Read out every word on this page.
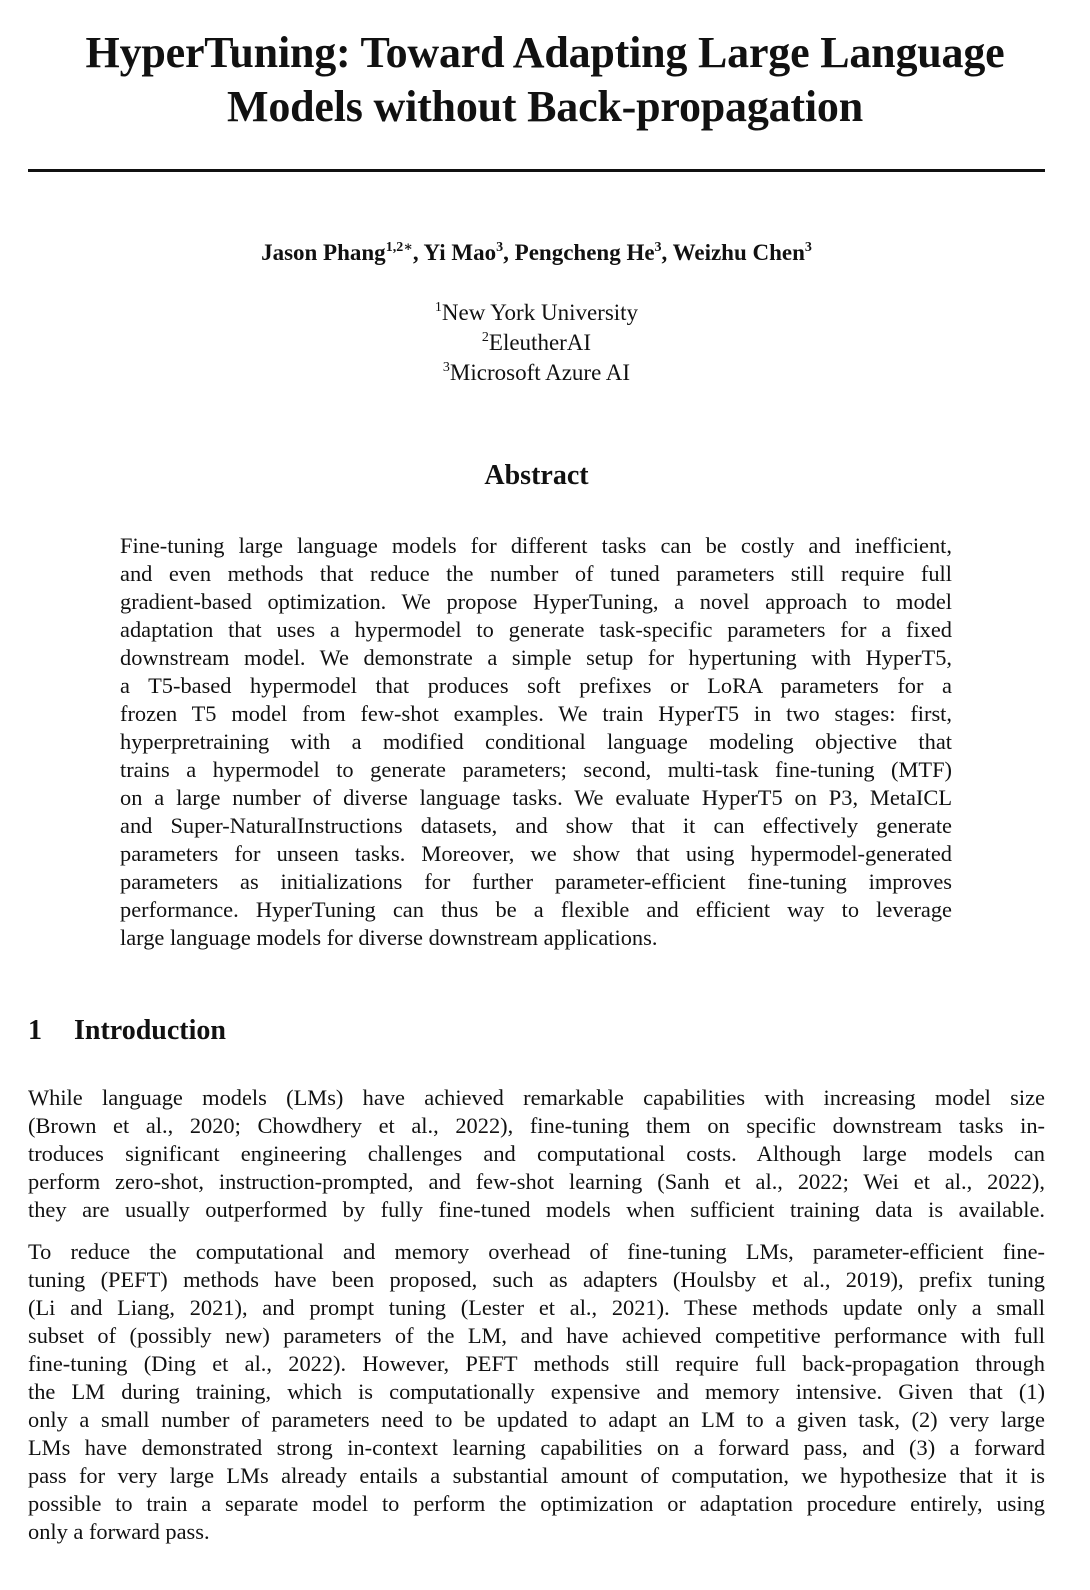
HyperTuning: Toward Adapting Large Language
Models without Back-propagation
Jason Phang$^{1,2∗}$, Yi Mao$^3$, Pengcheng He$^3$, Weizhu Chen$^3$
$^1$New York University
$^2$EleutherAI
$^3$Microsoft Azure AI
Abstract
Fine-tuning large language models for different tasks can be costly and inefficient,
and even methods that reduce the number of tuned parameters still require full
gradient-based optimization. We propose HyperTuning, a novel approach to model
adaptation that uses a hypermodel to generate task-specific parameters for a fixed
downstream model. We demonstrate a simple setup for hypertuning with HyperT5,
a T5-based hypermodel that produces soft prefixes or LoRA parameters for a
frozen T5 model from few-shot examples. We train HyperT5 in two stages: first,
hyperpretraining with a modified conditional language modeling objective that
trains a hypermodel to generate parameters; second, multi-task fine-tuning (MTF)
on a large number of diverse language tasks. We evaluate HyperT5 on P3, MetaICL
and Super-NaturalInstructions datasets, and show that it can effectively generate
parameters for unseen tasks. Moreover, we show that using hypermodel-generated
parameters as initializations for further parameter-efficient fine-tuning improves
performance. HyperTuning can thus be a flexible and efficient way to leverage
large language models for diverse downstream applications.
1 Introduction
While language models (LMs) have achieved remarkable capabilities with increasing model size
(Brown et al., 2020; Chowdhery et al., 2022), fine-tuning them on specific downstream tasks in-
troduces significant engineering challenges and computational costs. Although large models can
perform zero-shot, instruction-prompted, and few-shot learning (Sanh et al., 2022; Wei et al., 2022),
they are usually outperformed by fully fine-tuned models when sufficient training data is available.
To reduce the computational and memory overhead of fine-tuning LMs, parameter-efficient fine-
tuning (PEFT) methods have been proposed, such as adapters (Houlsby et al., 2019), prefix tuning
(Li and Liang, 2021), and prompt tuning (Lester et al., 2021). These methods update only a small
subset of (possibly new) parameters of the LM, and have achieved competitive performance with full
fine-tuning (Ding et al., 2022). However, PEFT methods still require full back-propagation through
the LM during training, which is computationally expensive and memory intensive. Given that (1)
only a small number of parameters need to be updated to adapt an LM to a given task, (2) very large
LMs have demonstrated strong in-context learning capabilities on a forward pass, and (3) a forward
pass for very large LMs already entails a substantial amount of computation, we hypothesize that it is
possible to train a separate model to perform the optimization or adaptation procedure entirely, using
only a forward pass.
